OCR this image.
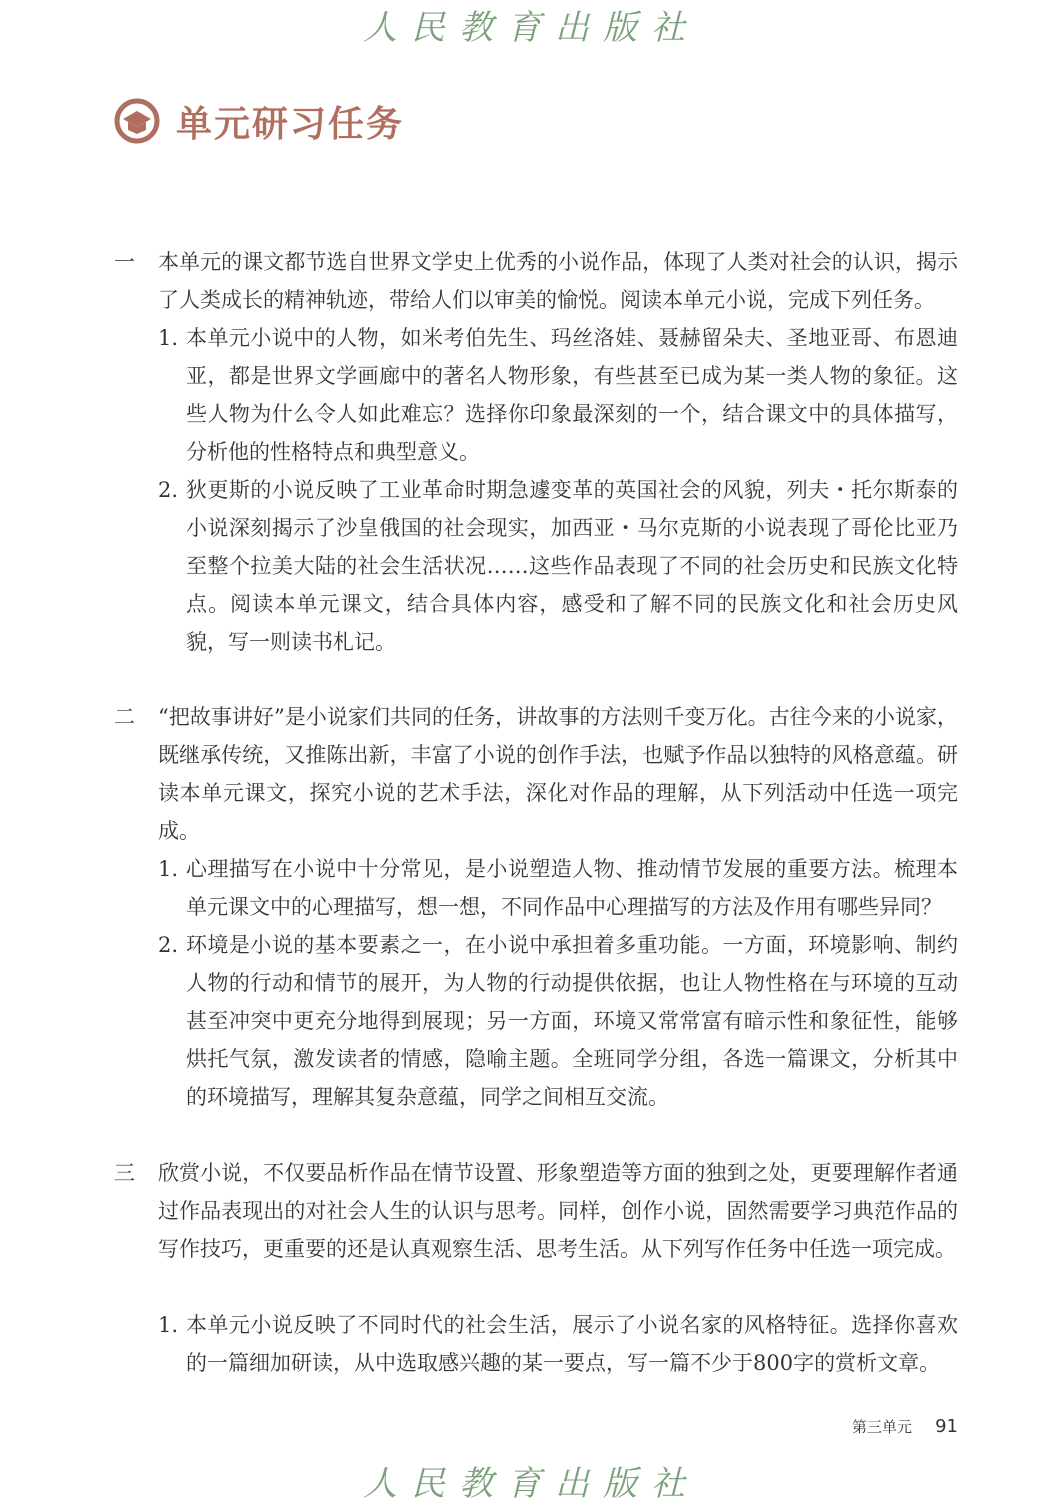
人民教育出版社
单元研习任务
一	本单元的课文都节选自世界文学史上优秀的小说作品，体现了人类对社会的认识，揭示了人类成长的精神轨迹，带给人们以审美的愉悦。阅读本单元小说，完成下列任务。

1. 本单元小说中的人物，如米考伯先生、玛丝洛娃、聂赫留朵夫、圣地亚哥、布恩迪亚，都是世界文学画廊中的著名人物形象，有些甚至已成为某一类人物的象征。这些人物为什么令人如此难忘？选择你印象最深刻的一个，结合课文中的具体描写，分析他的性格特点和典型意义。
2. 狄更斯的小说反映了工业革命时期急遽变革的英国社会的风貌，列夫・托尔斯泰的小说深刻揭示了沙皇俄国的社会现实，加西亚・马尔克斯的小说表现了哥伦比亚乃至整个拉美大陆的社会生活状况……这些作品表现了不同的社会历史和民族文化特点。阅读本单元课文，结合具体内容，感受和了解不同的民族文化和社会历史风貌，写一则读书札记。
二	“把故事讲好”是小说家们共同的任务，讲故事的方法则千变万化。古往今来的小说家，既继承传统，又推陈出新，丰富了小说的创作手法，也赋予作品以独特的风格意蕴。研读本单元课文，探究小说的艺术手法，深化对作品的理解，从下列活动中任选一项完成。

1. 心理描写在小说中十分常见，是小说塑造人物、推动情节发展的重要方法。梳理本单元课文中的心理描写，想一想，不同作品中心理描写的方法及作用有哪些异同？
2. 环境是小说的基本要素之一，在小说中承担着多重功能。一方面，环境影响、制约人物的行动和情节的展开，为人物的行动提供依据，也让人物性格在与环境的互动甚至冲突中更充分地得到展现；另一方面，环境又常常富有暗示性和象征性，能够烘托气氛，激发读者的情感，隐喻主题。全班同学分组，各选一篇课文，分析其中的环境描写，理解其复杂意蕴，同学之间相互交流。
三	欣赏小说，不仅要品析作品在情节设置、形象塑造等方面的独到之处，更要理解作者通过作品表现出的对社会人生的认识与思考。同样，创作小说，固然需要学习典范作品的写作技巧，更重要的还是认真观察生活、思考生活。从下列写作任务中任选一项完成。

1. 本单元小说反映了不同时代的社会生活，展示了小说名家的风格特征。选择你喜欢的一篇细加研读，从中选取感兴趣的某一要点，写一篇不少于800字的赏析文章。
第三单元 91
人民教育出版社
